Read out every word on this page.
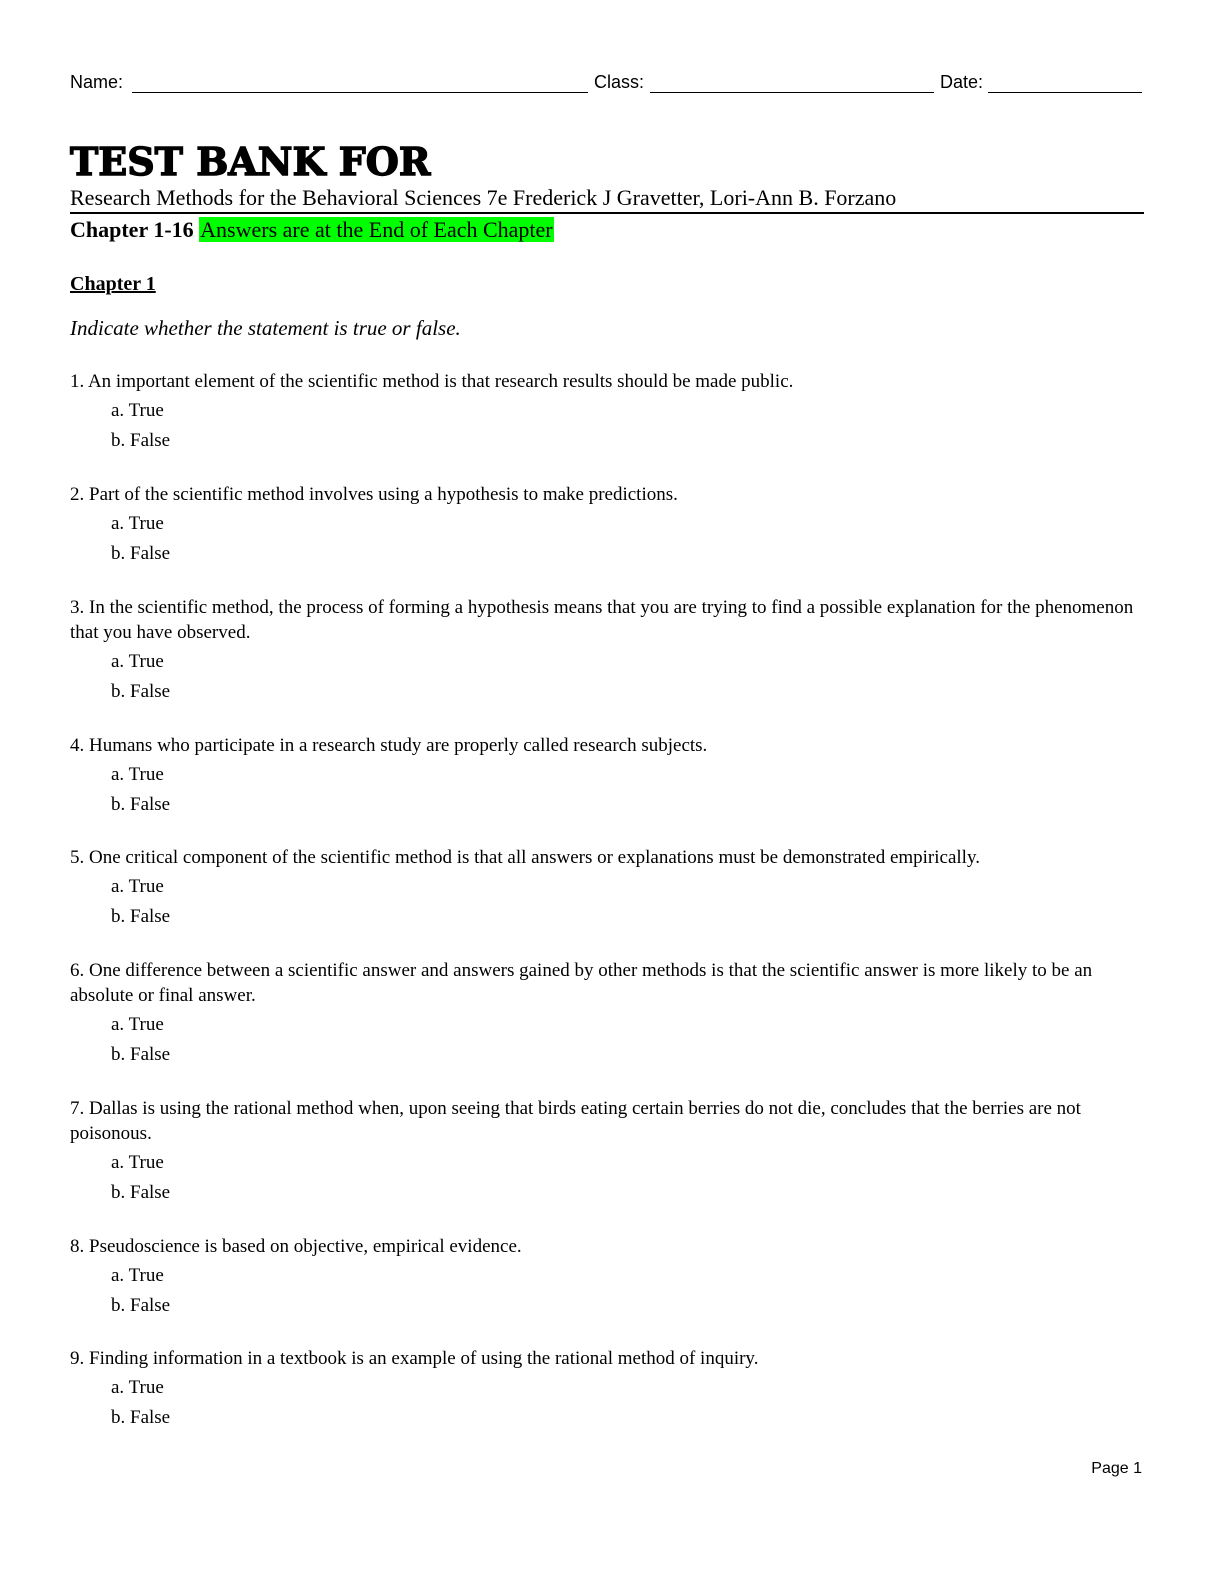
Name:	Class:	Date:
TEST BANK FOR
Research Methods for the Behavioral Sciences 7e Frederick J Gravetter, Lori-Ann B. Forzano
Chapter 1-16 Answers are at the End of Each Chapter
Chapter 1
Indicate whether the statement is true or false.
1. An important element of the scientific method is that research results should be made public.
a. True
b. False
2. Part of the scientific method involves using a hypothesis to make predictions.
a. True
b. False
3. In the scientific method, the process of forming a hypothesis means that you are trying to find a possible explanation for the phenomenon that you have observed.
a. True
b. False
4. Humans who participate in a research study are properly called research subjects.
a. True
b. False
5. One critical component of the scientific method is that all answers or explanations must be demonstrated empirically.
a. True
b. False
6. One difference between a scientific answer and answers gained by other methods is that the scientific answer is more likely to be an absolute or final answer.
a. True
b. False
7. Dallas is using the rational method when, upon seeing that birds eating certain berries do not die, concludes that the berries are not poisonous.
a. True
b. False
8. Pseudoscience is based on objective, empirical evidence.
a. True
b. False
9. Finding information in a textbook is an example of using the rational method of inquiry.
a. True
b. False
Page 1
